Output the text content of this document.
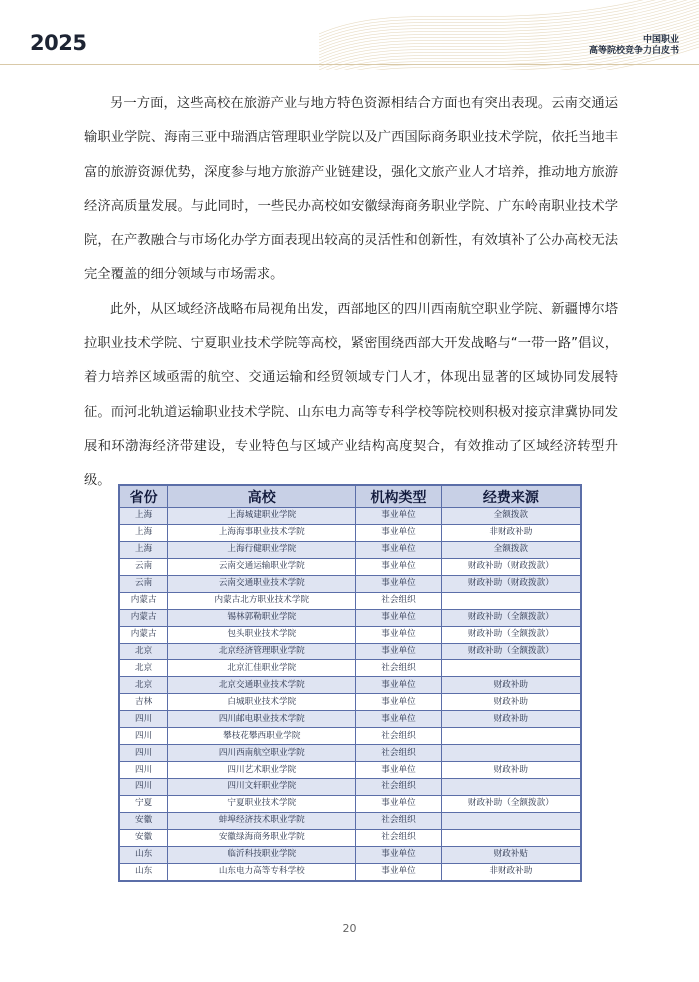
2025	中国职业
高等院校竞争力白皮书

另一方面，这些高校在旅游产业与地方特色资源相结合方面也有突出表现。云南交通运输职业学院、海南三亚中瑞酒店管理职业学院以及广西国际商务职业技术学院，依托当地丰富的旅游资源优势，深度参与地方旅游产业链建设，强化文旅产业人才培养，推动地方旅游经济高质量发展。与此同时，一些民办高校如安徽绿海商务职业学院、广东岭南职业技术学院，在产教融合与市场化办学方面表现出较高的灵活性和创新性，有效填补了公办高校无法完全覆盖的细分领域与市场需求。

此外，从区域经济战略布局视角出发，西部地区的四川西南航空职业学院、新疆博尔塔拉职业技术学院、宁夏职业技术学院等高校，紧密围绕西部大开发战略与“一带一路”倡议，着力培养区域亟需的航空、交通运输和经贸领域专门人才，体现出显著的区域协同发展特征。而河北轨道运输职业技术学院、山东电力高等专科学校等院校则积极对接京津冀协同发展和环渤海经济带建设，专业特色与区域产业结构高度契合，有效推动了区域经济转型升级。

省份	高校	机构类型	经费来源
上海	上海城建职业学院	事业单位	全额拨款
上海	上海海事职业技术学院	事业单位	非财政补助
上海	上海行健职业学院	事业单位	全额拨款
云南	云南交通运输职业学院	事业单位	财政补助（财政拨款）
云南	云南交通职业技术学院	事业单位	财政补助（财政拨款）
内蒙古	内蒙古北方职业技术学院	社会组织	
内蒙古	锡林郭勒职业学院	事业单位	财政补助（全额拨款）
内蒙古	包头职业技术学院	事业单位	财政补助（全额拨款）
北京	北京经济管理职业学院	事业单位	财政补助（全额拨款）
北京	北京汇佳职业学院	社会组织	
北京	北京交通职业技术学院	事业单位	财政补助
吉林	白城职业技术学院	事业单位	财政补助
四川	四川邮电职业技术学院	事业单位	财政补助
四川	攀枝花攀西职业学院	社会组织	
四川	四川西南航空职业学院	社会组织	
四川	四川艺术职业学院	事业单位	财政补助
四川	四川文轩职业学院	社会组织	
宁夏	宁夏职业技术学院	事业单位	财政补助（全额拨款）
安徽	蚌埠经济技术职业学院	社会组织	
安徽	安徽绿海商务职业学院	社会组织	
山东	临沂科技职业学院	事业单位	财政补贴
山东	山东电力高等专科学校	事业单位	非财政补助
20
